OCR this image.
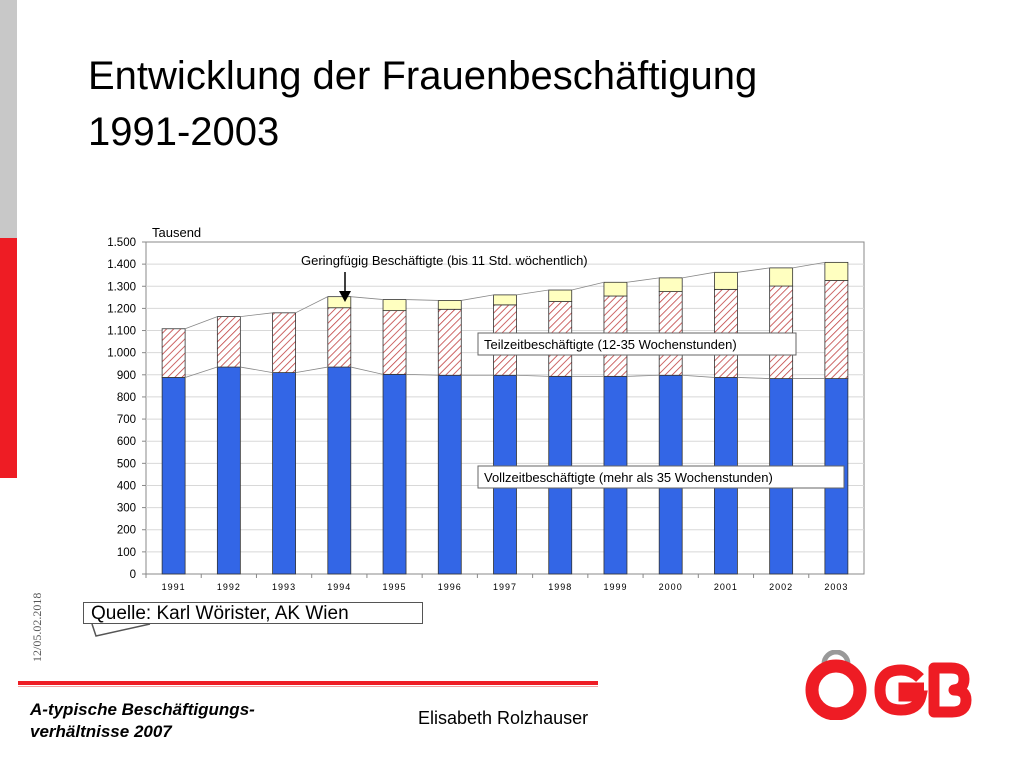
Entwicklung der Frauenbeschäftigung
1991-2003
0
100
200
300
400
500
600
700
800
900
1.000
1.100
1.200
1.300
1.400
1.500
1991	1992	1993	1994	1995	1996	1997	1998	1999	2000	2001	2002	2003
Tausend
Geringfügig Beschäftigte (bis 11 Std. wöchentlich)
Teilzeitbeschäftigte (12-35 Wochenstunden)
Vollzeitbeschäftigte (mehr als 35 Wochenstunden)
12/05.02.2018	Quelle: Karl Wörister, AK Wien
A-typische Beschäftigungs-
verhältnisse 2007
Elisabeth Rolzhauser
